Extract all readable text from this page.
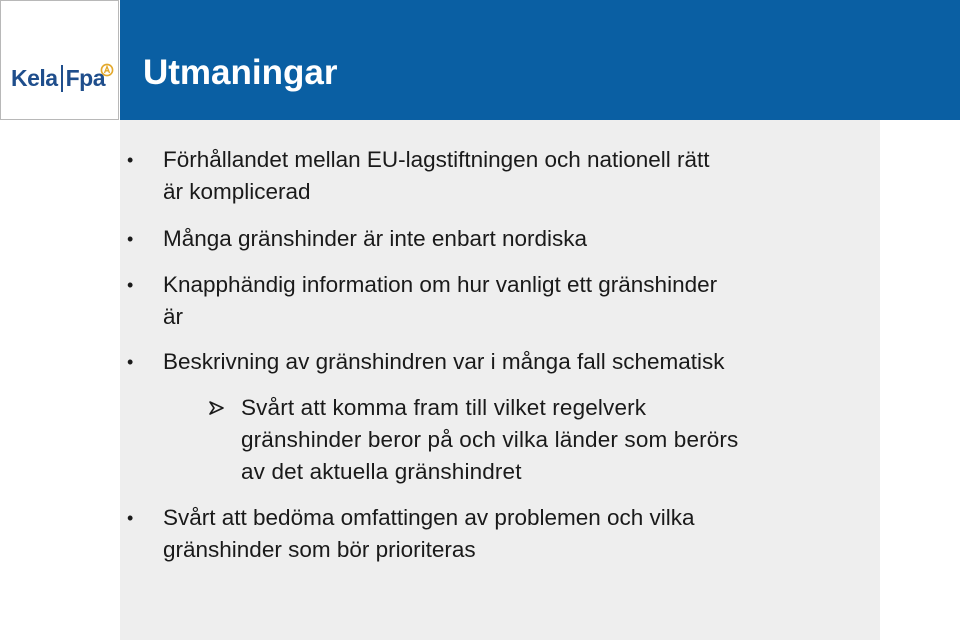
Kela Fpa Utmaningar
• Förhållandet mellan EU-lagstiftningen och nationell rätt
är komplicerad
• Många gränshinder är inte enbart nordiska
• Knapphändig information om hur vanligt ett gränshinder
är
• Beskrivning av gränshindren var i många fall schematisk
Svårt att komma fram till vilket regelverk
gränshinder beror på och vilka länder som berörs
av det aktuella gränshindret
• Svårt att bedöma omfattingen av problemen och vilka
gränshinder som bör prioriteras
